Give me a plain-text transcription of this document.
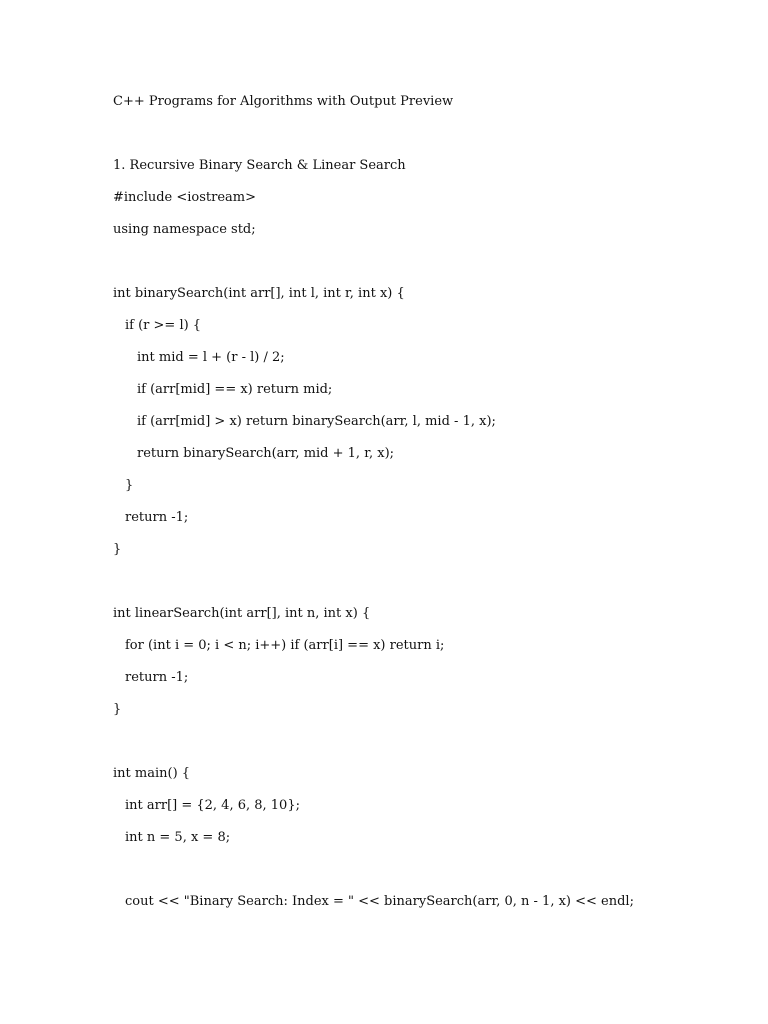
C++ Programs for Algorithms with Output Preview
1. Recursive Binary Search & Linear Search
#include <iostream>
using namespace std;
int binarySearch(int arr[], int l, int r, int x) {
if (r >= l) {
int mid = l + (r - l) / 2;
if (arr[mid] == x) return mid;
if (arr[mid] > x) return binarySearch(arr, l, mid - 1, x);
return binarySearch(arr, mid + 1, r, x);
}
return -1;
}
int linearSearch(int arr[], int n, int x) {
for (int i = 0; i < n; i++) if (arr[i] == x) return i;
return -1;
}
int main() {
int arr[] = {2, 4, 6, 8, 10};
int n = 5, x = 8;
cout << "Binary Search: Index = " << binarySearch(arr, 0, n - 1, x) << endl;
